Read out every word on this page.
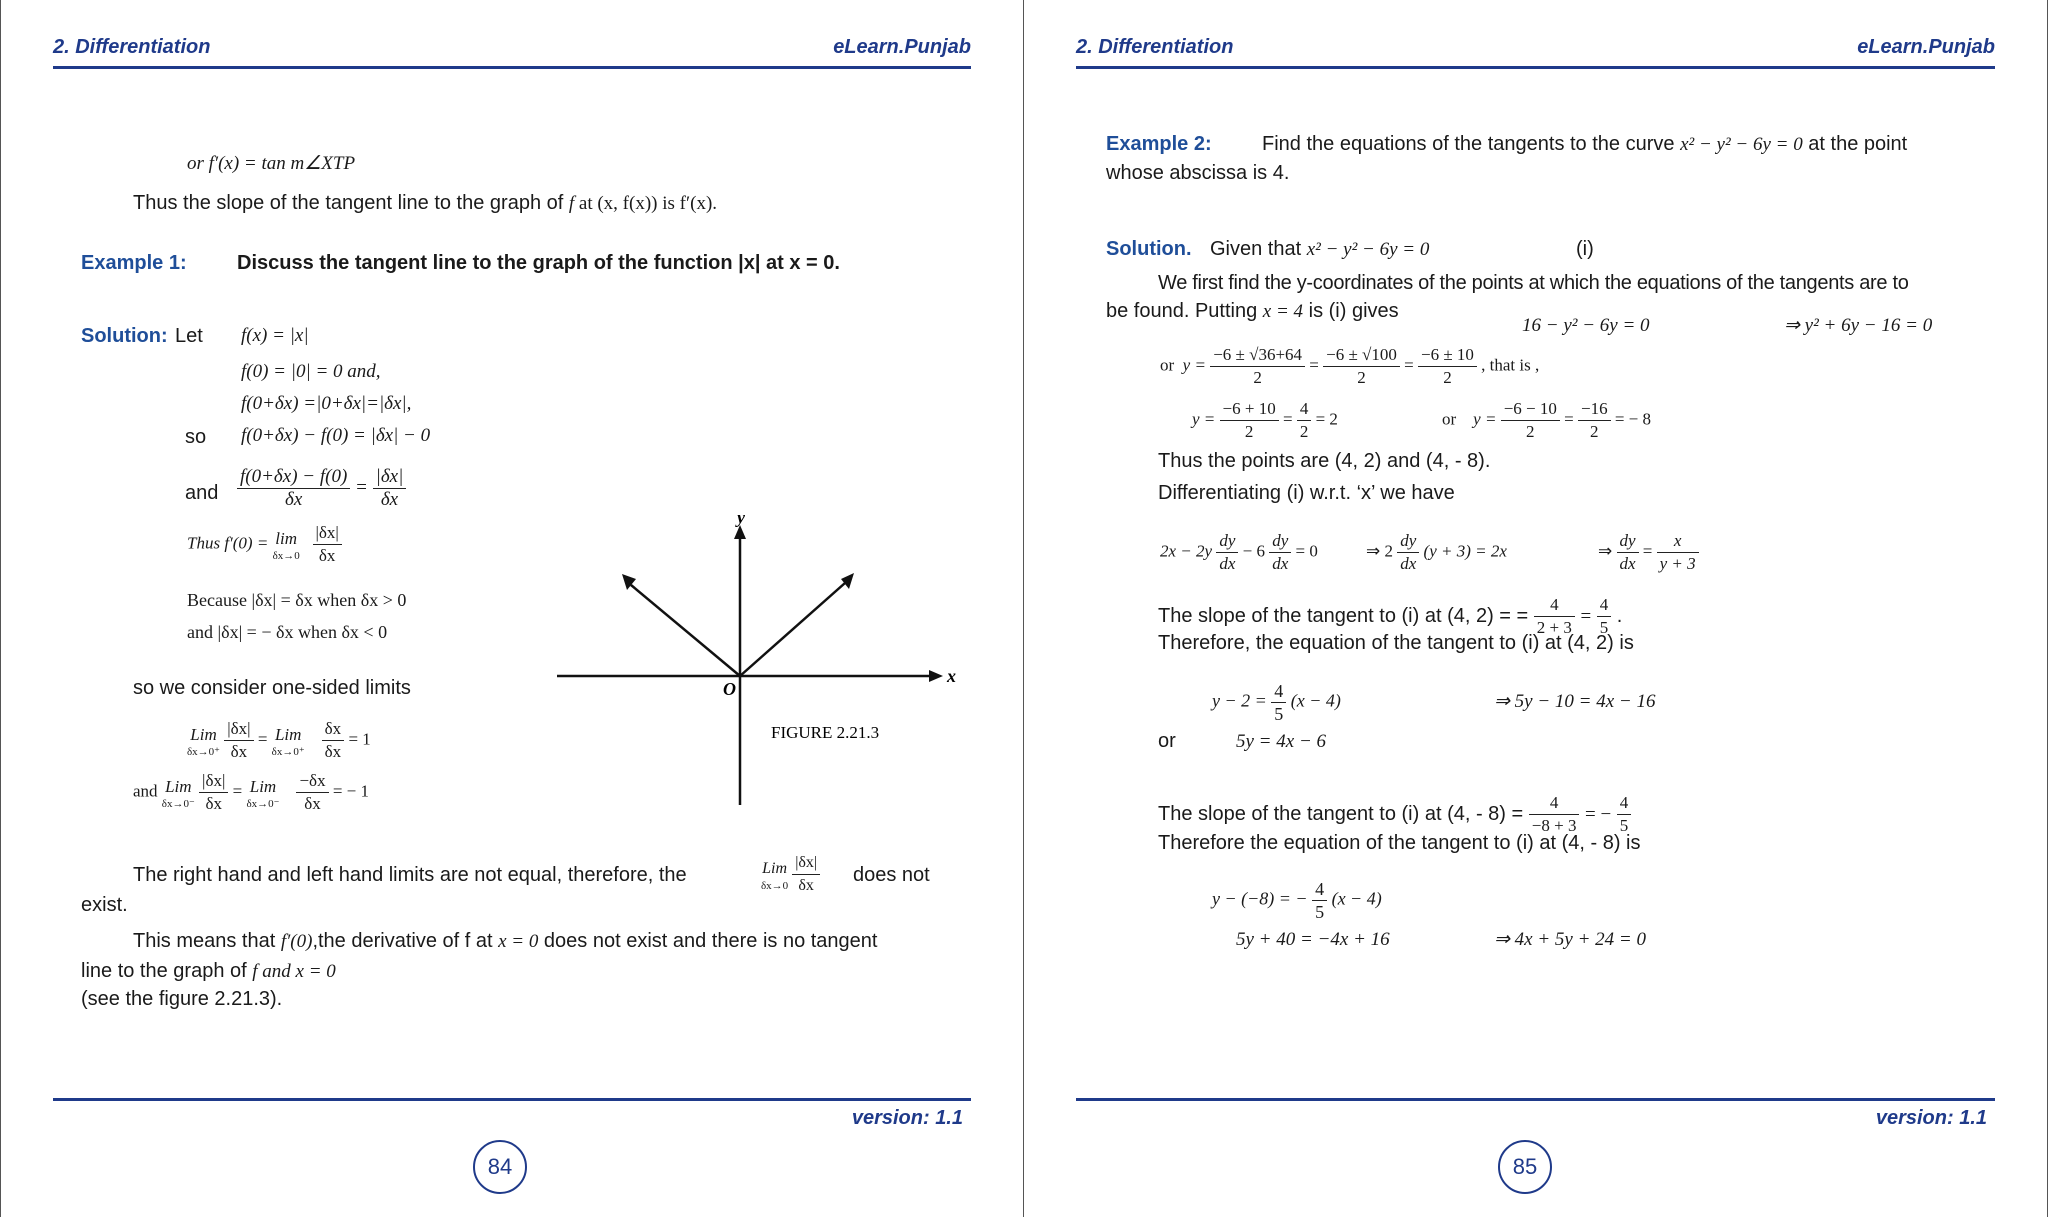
2. Differentiation	eLearn.Punjab
or f′(x) = tan m∠XTP
Thus the slope of the tangent line to the graph of f at (x, f(x)) is f′(x).
Example 1:	Discuss the tangent line to the graph of the function |x| at x = 0.
Solution: Let f(x) = |x|
f(0) = |0| = 0 and,
f(0+δx) =|0+δx|=|δx|,
so f(0+δx) − f(0) = |δx| − 0
and $\frac{f(0+\delta x) - f(0)}{\delta x} = \frac{|\delta x|}{\delta x}$
Thus f′(0) = lim
δx→0
$\frac{|\delta x|}{\delta x}$
Because |δx| = δx when δx > 0
and |δx| = − δx when δx < 0
so we consider one-sided limits
Lim
δx→0⁺
$\frac{|\delta x|}{\delta x}$ = Lim
δx→0⁺
$\frac{\delta x}{\delta x} = 1$
and Lim
δx→0⁻
$\frac{|\delta x|}{\delta x}$ = Lim
δx→0⁻
$\frac{-\delta x}{\delta x}$ = − 1
y
x
O
FIGURE 2.21.3
The right hand and left hand limits are not equal, therefore, the	Lim
δx→0
$\frac{|\delta x|}{\delta x}$ does not
exist.
This means that f′(0),the derivative of f at x = 0 does not exist and there is no tangent
line to the graph of f and x = 0
(see the figure 2.21.3).
version: 1.1
84
2. Differentiation	eLearn.Punjab
Example 2:	Find the equations of the tangents to the curve x² − y² − 6y = 0 at the point
whose abscissa is 4.
Solution. Given that x² − y² − 6y = 0	(i)
We first find the y-coordinates of the points at which the equations of the tangents are to
be found. Putting x = 4 is (i) gives
16 − y² − 6y = 0	⇒ y² + 6y − 16 = 0
or $y = \frac{-6 \pm √36+64}{2} = \frac{-6 \pm √100}{2} = \frac{-6 \pm 10}{2}$ , that is ,
$y = \frac{-6 + 10}{2} = \frac{4}{2} = 2$	or $y = \frac{-6 - 10}{2} = \frac{-16}{2}$ = − 8
Thus the points are (4, 2) and (4, - 8).
Differentiating (i) w.r.t. ‘x’ we have
$2x - 2y \frac{dy}{dx} - 6 \frac{dy}{dx} = 0$	⇒ $2 \frac{dy}{dx} (y + 3) = 2x$	⇒ $\frac{dy}{dx} = \frac{x}{y + 3}$
The slope of the tangent to (i) at (4, 2) = = $\frac{4}{2 + 3} = \frac{4}{5}$ .
Therefore, the equation of the tangent to (i) at (4, 2) is
$y - 2 = \frac{4}{5} (x - 4)$	⇒ 5y − 10 = 4x − 16
or	5y = 4x − 6
The slope of the tangent to (i) at (4, - $8) = \frac{4}{-8 + 3}$ = − $\frac{4}{5}$
Therefore the equation of the tangent to (i) at (4, - 8) is
y − (−8) = − $\frac{4}{5} (x - 4)$
5y + 40 = −4x + 16	⇒ 4x + 5y + 24 = 0
version: 1.1
85
